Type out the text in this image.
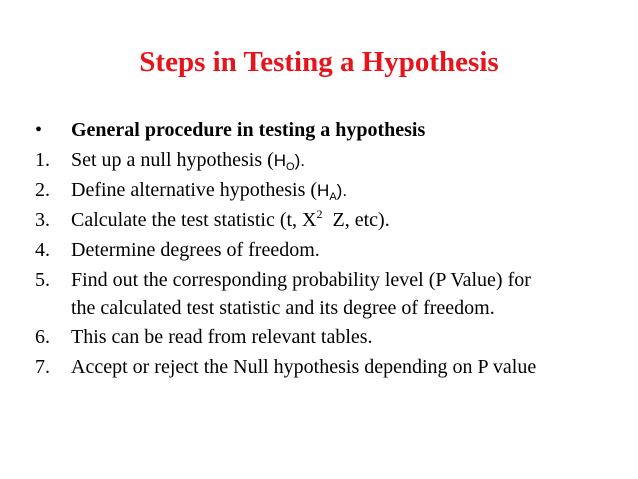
Steps in Testing a Hypothesis
• General procedure in testing a hypothesis
1. Set up a null hypothesis $(H_O)$.
2. Define alternative hypothesis $(H_A)$.
3. Calculate the test statistic (t, $X^2$  Z, etc).
4. Determine degrees of freedom.
5. Find out the corresponding probability level (P Value) for
the calculated test statistic and its degree of freedom.
6. This can be read from relevant tables.
7. Accept or reject the Null hypothesis depending on P value
